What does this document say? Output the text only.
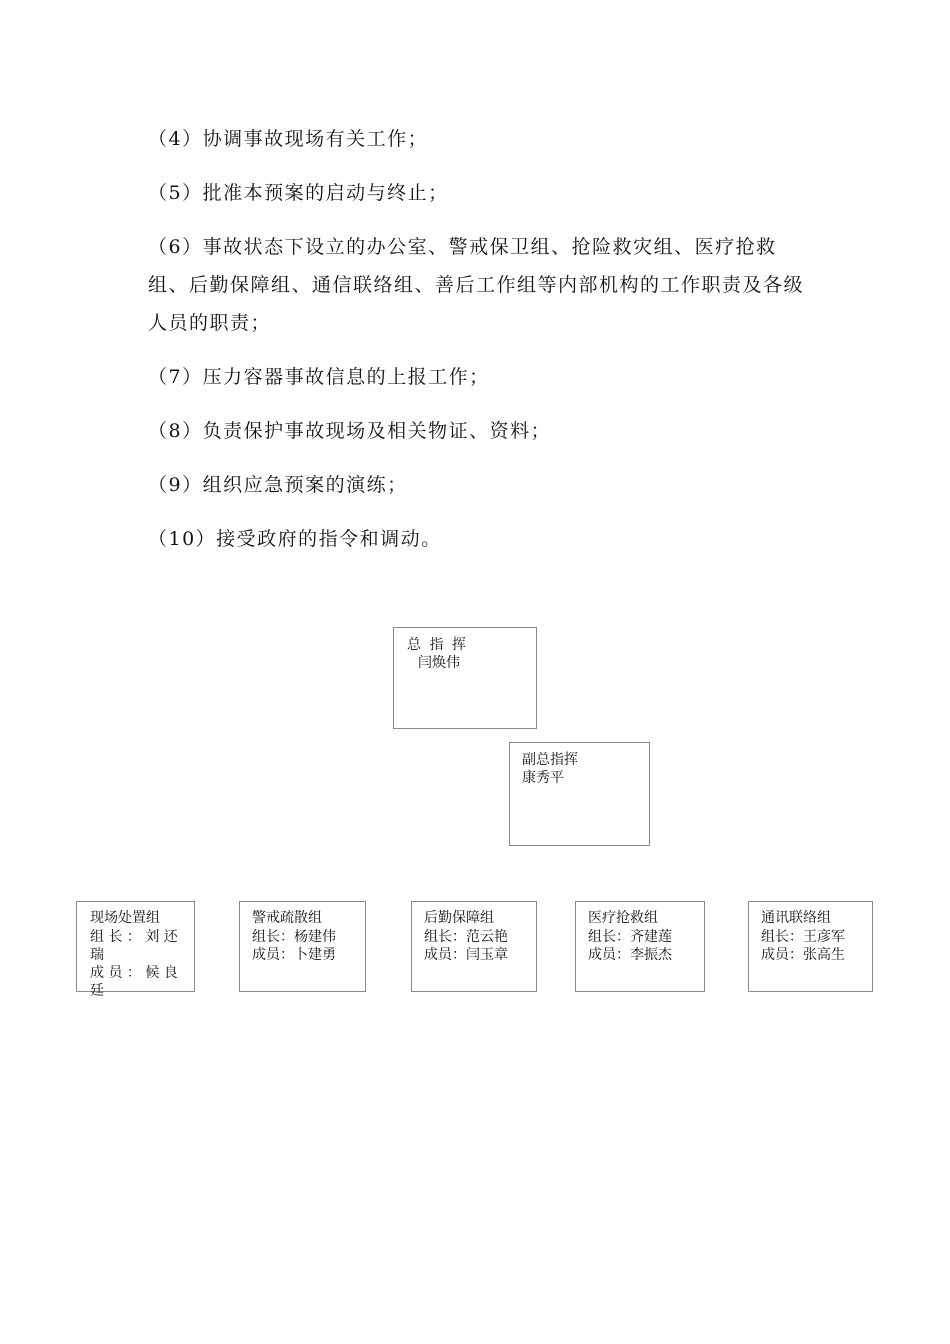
（4）协调事故现场有关工作；

（5）批准本预案的启动与终止；

（6）事故状态下设立的办公室、警戒保卫组、抢险救灾组、医疗抢救组、后勤保障组、通信联络组、善后工作组等内部机构的工作职责及各级人员的职责；

（7）压力容器事故信息的上报工作；

（8）负责保护事故现场及相关物证、资料；

（9）组织应急预案的演练；

（10）接受政府的指令和调动。

总 指 挥
闫焕伟
副总指挥
康秀平
现场处置组
组 长 ： 刘 还 瑞
成 员 ： 候 良 廷
警戒疏散组
组长：杨建伟
成员：卜建勇
后勤保障组
组长：范云艳
成员：闫玉章
医疗抢救组
组长：齐建莲
成员：李振杰
通讯联络组
组长：王彦军
成员：张高生
